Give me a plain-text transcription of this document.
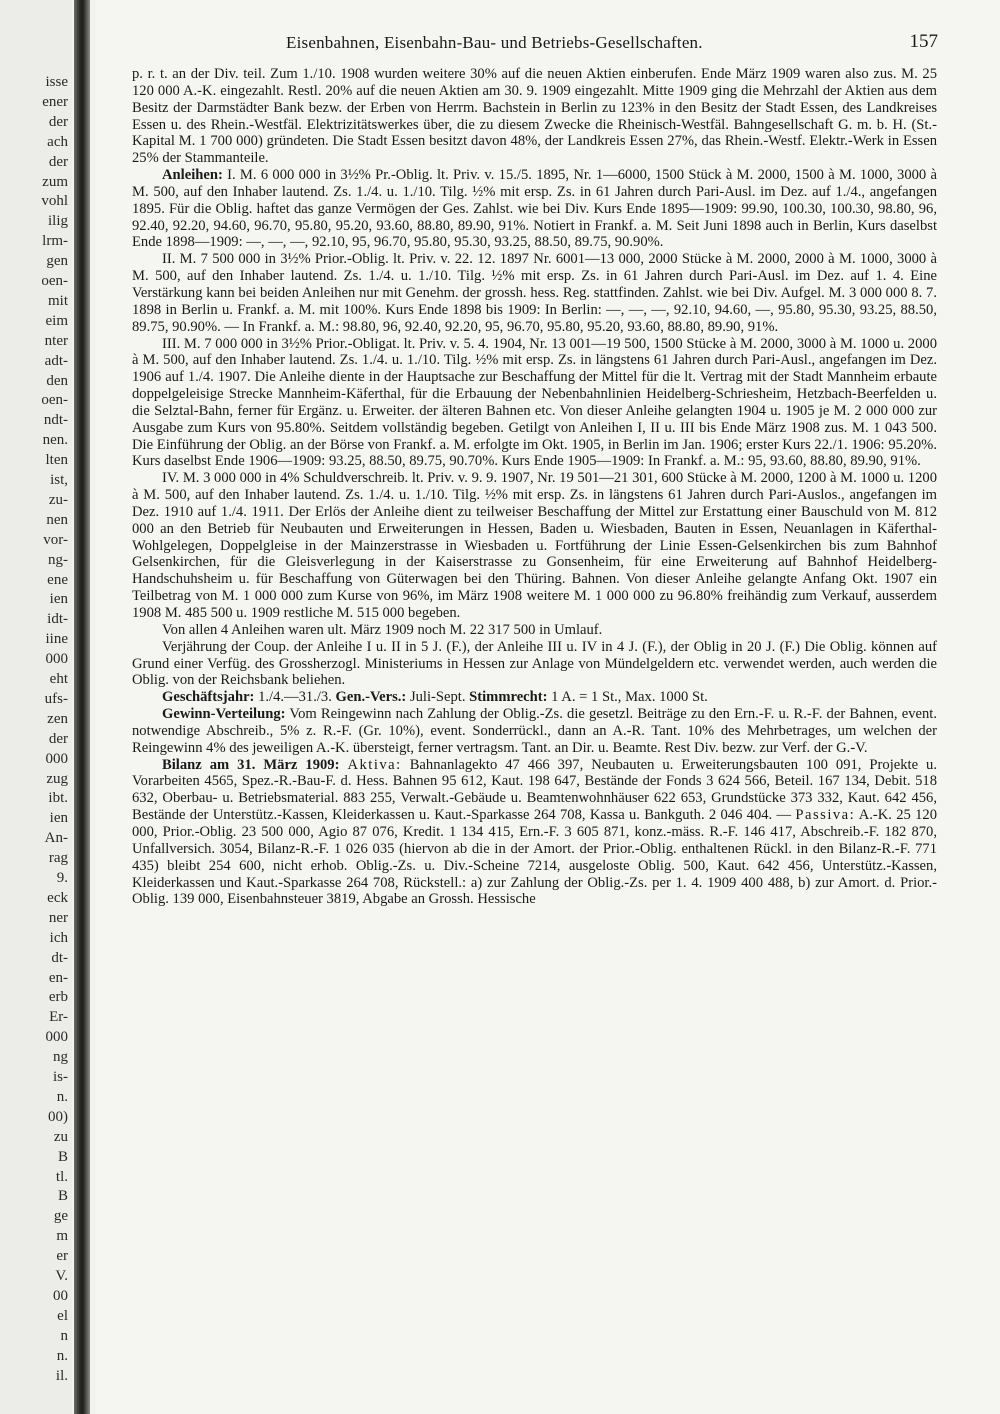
isse
ener
der
ach
der
zum
vohl
ilig
lrm-
gen
oen-
mit
eim
nter
adt-
den
oen-
ndt-
nen.
lten
ist,
zu-
nen
vor-
ng-
ene
ien
idt-
iine
000
eht
ufs-
zen
der
000
zug
ibt.
ien
An-
rag
9.
eck
ner
ich
dt-
en-
erb
Er-
000
ng
is-
n.
00)
zu
B
tl.
B
ge
m
er
V.
00
el
n
n.
il.
Eisenbahnen, Eisenbahn-Bau- und Betriebs-Gesellschaften.	157

p. r. t. an der Div. teil. Zum 1./10. 1908 wurden weitere 30% auf die neuen Aktien einberufen. Ende März 1909 waren also zus. M. 25 120 000 A.-K. eingezahlt. Restl. 20% auf die neuen Aktien am 30. 9. 1909 eingezahlt. Mitte 1909 ging die Mehrzahl der Aktien aus dem Besitz der Darmstädter Bank bezw. der Erben von Herrm. Bachstein in Berlin zu 123% in den Besitz der Stadt Essen, des Landkreises Essen u. des Rhein.-Westfäl. Elektrizitätswerkes über, die zu diesem Zwecke die Rheinisch-Westfäl. Bahngesellschaft G. m. b. H. (St.-Kapital M. 1 700 000) gründeten. Die Stadt Essen besitzt davon 48%, der Landkreis Essen 27%, das Rhein.-Westf. Elektr.-Werk in Essen 25% der Stammanteile.

Anleihen: I. M. 6 000 000 in 3½% Pr.-Oblig. lt. Priv. v. 15./5. 1895, Nr. 1—6000, 1500 Stück à M. 2000, 1500 à M. 1000, 3000 à M. 500, auf den Inhaber lautend. Zs. 1./4. u. 1./10. Tilg. ½% mit ersp. Zs. in 61 Jahren durch Pari-Ausl. im Dez. auf 1./4., angefangen 1895. Für die Oblig. haftet das ganze Vermögen der Ges. Zahlst. wie bei Div. Kurs Ende 1895—1909: 99.90, 100.30, 100.30, 98.80, 96, 92.40, 92.20, 94.60, 96.70, 95.80, 95.20, 93.60, 88.80, 89.90, 91%. Notiert in Frankf. a. M. Seit Juni 1898 auch in Berlin, Kurs daselbst Ende 1898—1909: —, —, —, 92.10, 95, 96.70, 95.80, 95.30, 93.25, 88.50, 89.75, 90.90%.

II. M. 7 500 000 in 3½% Prior.-Oblig. lt. Priv. v. 22. 12. 1897 Nr. 6001—13 000, 2000 Stücke à M. 2000, 2000 à M. 1000, 3000 à M. 500, auf den Inhaber lautend. Zs. 1./4. u. 1./10. Tilg. ½% mit ersp. Zs. in 61 Jahren durch Pari-Ausl. im Dez. auf 1. 4. Eine Verstärkung kann bei beiden Anleihen nur mit Genehm. der grossh. hess. Reg. stattfinden. Zahlst. wie bei Div. Aufgel. M. 3 000 000 8. 7. 1898 in Berlin u. Frankf. a. M. mit 100%. Kurs Ende 1898 bis 1909: In Berlin: —, —, —, 92.10, 94.60, —, 95.80, 95.30, 93.25, 88.50, 89.75, 90.90%. — In Frankf. a. M.: 98.80, 96, 92.40, 92.20, 95, 96.70, 95.80, 95.20, 93.60, 88.80, 89.90, 91%.

III. M. 7 000 000 in 3½% Prior.-Obligat. lt. Priv. v. 5. 4. 1904, Nr. 13 001—19 500, 1500 Stücke à M. 2000, 3000 à M. 1000 u. 2000 à M. 500, auf den Inhaber lautend. Zs. 1./4. u. 1./10. Tilg. ½% mit ersp. Zs. in längstens 61 Jahren durch Pari-Ausl., angefangen im Dez. 1906 auf 1./4. 1907. Die Anleihe diente in der Hauptsache zur Beschaffung der Mittel für die lt. Vertrag mit der Stadt Mannheim erbaute doppelgeleisige Strecke Mannheim-Käferthal, für die Erbauung der Nebenbahnlinien Heidelberg-Schriesheim, Hetzbach-Beerfelden u. die Selztal-Bahn, ferner für Ergänz. u. Erweiter. der älteren Bahnen etc. Von dieser Anleihe gelangten 1904 u. 1905 je M. 2 000 000 zur Ausgabe zum Kurs von 95.80%. Seitdem vollständig begeben. Getilgt von Anleihen I, II u. III bis Ende März 1908 zus. M. 1 043 500. Die Einführung der Oblig. an der Börse von Frankf. a. M. erfolgte im Okt. 1905, in Berlin im Jan. 1906; erster Kurs 22./1. 1906: 95.20%. Kurs daselbst Ende 1906—1909: 93.25, 88.50, 89.75, 90.70%. Kurs Ende 1905—1909: In Frankf. a. M.: 95, 93.60, 88.80, 89.90, 91%.

IV. M. 3 000 000 in 4% Schuldverschreib. lt. Priv. v. 9. 9. 1907, Nr. 19 501—21 301, 600 Stücke à M. 2000, 1200 à M. 1000 u. 1200 à M. 500, auf den Inhaber lautend. Zs. 1./4. u. 1./10. Tilg. ½% mit ersp. Zs. in längstens 61 Jahren durch Pari-Auslos., angefangen im Dez. 1910 auf 1./4. 1911. Der Erlös der Anleihe dient zu teilweiser Beschaffung der Mittel zur Erstattung einer Bauschuld von M. 812 000 an den Betrieb für Neubauten und Erweiterungen in Hessen, Baden u. Wiesbaden, Bauten in Essen, Neuanlagen in Käferthal-Wohlgelegen, Doppelgleise in der Mainzerstrasse in Wiesbaden u. Fortführung der Linie Essen-Gelsenkirchen bis zum Bahnhof Gelsenkirchen, für die Gleisverlegung in der Kaiserstrasse zu Gonsenheim, für eine Erweiterung auf Bahnhof Heidelberg-Handschuhsheim u. für Beschaffung von Güterwagen bei den Thüring. Bahnen. Von dieser Anleihe gelangte Anfang Okt. 1907 ein Teilbetrag von M. 1 000 000 zum Kurse von 96%, im März 1908 weitere M. 1 000 000 zu 96.80% freihändig zum Verkauf, ausserdem 1908 M. 485 500 u. 1909 restliche M. 515 000 begeben.

Von allen 4 Anleihen waren ult. März 1909 noch M. 22 317 500 in Umlauf.

Verjährung der Coup. der Anleihe I u. II in 5 J. (F.), der Anleihe III u. IV in 4 J. (F.), der Oblig in 20 J. (F.) Die Oblig. können auf Grund einer Verfüg. des Grossherzogl. Ministeriums in Hessen zur Anlage von Mündelgeldern etc. verwendet werden, auch werden die Oblig. von der Reichsbank beliehen.

Geschäftsjahr: 1./4.—31./3. Gen.-Vers.: Juli-Sept. Stimmrecht: 1 A. = 1 St., Max. 1000 St.

Gewinn-Verteilung: Vom Reingewinn nach Zahlung der Oblig.-Zs. die gesetzl. Beiträge zu den Ern.-F. u. R.-F. der Bahnen, event. notwendige Abschreib., 5% z. R.-F. (Gr. 10%), event. Sonderrückl., dann an A.-R. Tant. 10% des Mehrbetrages, um welchen der Reingewinn 4% des jeweiligen A.-K. übersteigt, ferner vertragsm. Tant. an Dir. u. Beamte. Rest Div. bezw. zur Verf. der G.-V.

Bilanz am 31. März 1909: Aktiva: Bahnanlagekto 47 466 397, Neubauten u. Erweiterungsbauten 100 091, Projekte u. Vorarbeiten 4565, Spez.-R.-Bau-F. d. Hess. Bahnen 95 612, Kaut. 198 647, Bestände der Fonds 3 624 566, Beteil. 167 134, Debit. 518 632, Oberbau- u. Betriebsmaterial. 883 255, Verwalt.-Gebäude u. Beamtenwohnhäuser 622 653, Grundstücke 373 332, Kaut. 642 456, Bestände der Unterstütz.-Kassen, Kleiderkassen u. Kaut.-Sparkasse 264 708, Kassa u. Bankguth. 2 046 404. — Passiva: A.-K. 25 120 000, Prior.-Oblig. 23 500 000, Agio 87 076, Kredit. 1 134 415, Ern.-F. 3 605 871, konz.-mäss. R.-F. 146 417, Abschreib.-F. 182 870, Unfallversich. 3054, Bilanz-R.-F. 1 026 035 (hiervon ab die in der Amort. der Prior.-Oblig. enthaltenen Rückl. in den Bilanz-R.-F. 771 435) bleibt 254 600, nicht erhob. Oblig.-Zs. u. Div.-Scheine 7214, ausgeloste Oblig. 500, Kaut. 642 456, Unterstütz.-Kassen, Kleiderkassen und Kaut.-Sparkasse 264 708, Rückstell.: a) zur Zahlung der Oblig.-Zs. per 1. 4. 1909 400 488, b) zur Amort. d. Prior.-Oblig. 139 000, Eisenbahnsteuer 3819, Abgabe an Grossh. Hessische
